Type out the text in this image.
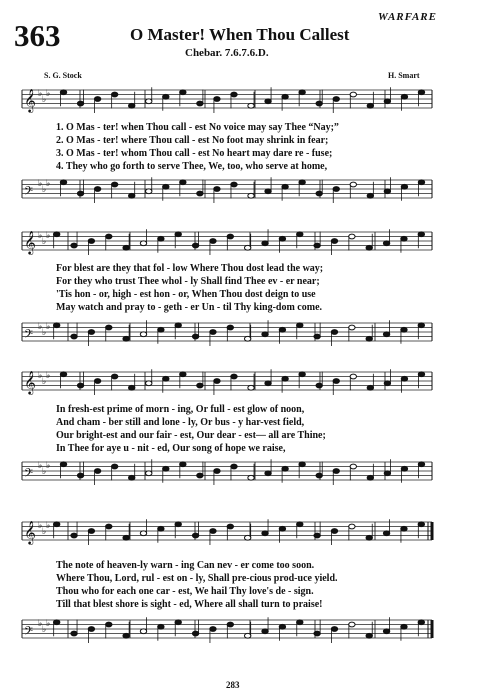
363	O Master! When Thou Callest
WARFARE
Chebar. 7.6.7.6.D.
S. G. Stock	H. Smart
𝄞 ♭
♭
♭
1. O Mas - ter! when Thou call - est No voice may say Thee “Nay;”
2. O Mas - ter! where Thou call - est No foot may shrink in fear;
3. O Mas - ter! whom Thou call - est No heart may dare re - fuse;
4. They who go forth to serve Thee, We, too, who serve at home,
𝄢
♭
♭
♭
𝄞 ♭
♭
♭
For blest are they that fol - low Where Thou dost lead the way;
For they who trust Thee whol - ly Shall find Thee ev - er near;
'Tis hon - or, high - est hon - or, When Thou dost deign to use
May watch and pray to - geth - er Un - til Thy king-dom come.
𝄢
♭
♭
♭
𝄞 ♭
♭
♭
In fresh-est prime of morn - ing, Or full - est glow of noon,
And cham - ber still and lone - ly, Or bus - y har-vest field,
Our bright-est and our fair - est, Our dear - est— all are Thine;
In Thee for aye u - nit - ed, Our song of hope we raise,
𝄢
♭
♭
♭
𝄞 ♭
♭
♭
The note of heaven-ly warn - ing Can nev - er come too soon.
Where Thou, Lord, rul - est on - ly, Shall pre-cious prod-uce yield.
Thou who for each one car - est, We hail Thy love's de - sign.
Till that blest shore is sight - ed, Where all shall turn to praise!
𝄢
♭
♭
♭
283
